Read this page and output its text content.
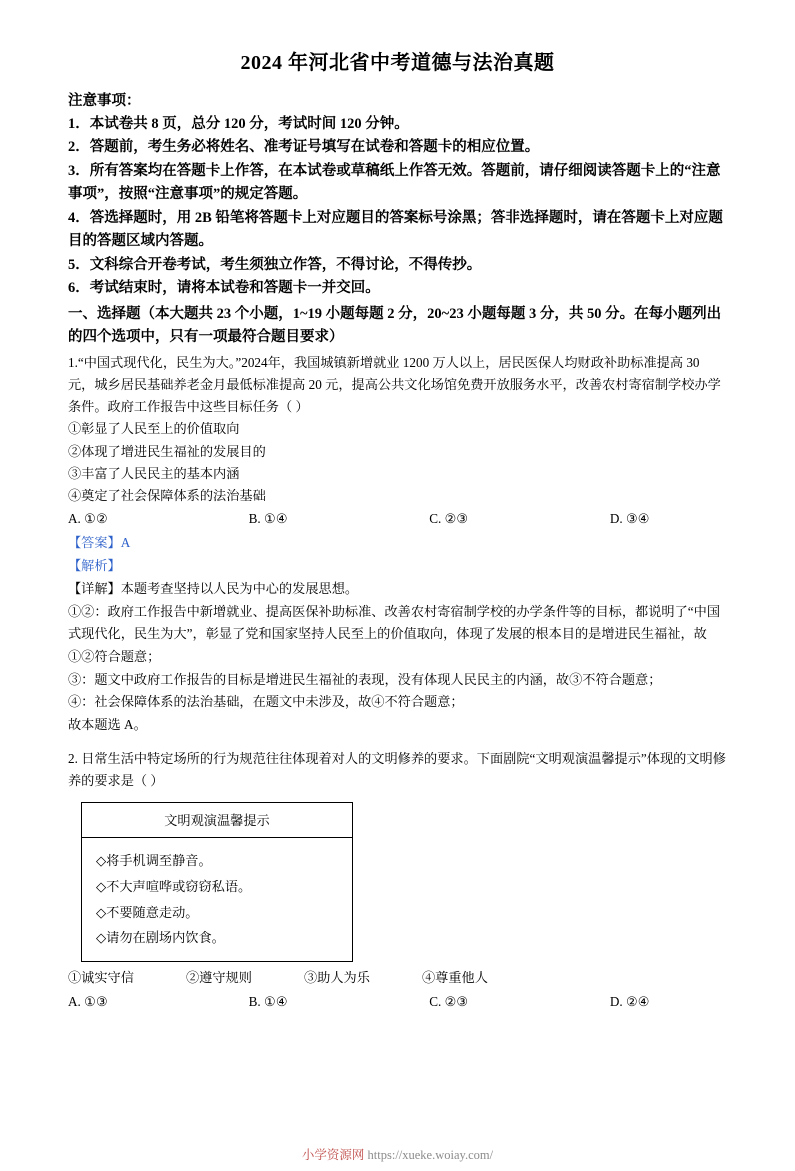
2024 年河北省中考道德与法治真题
注意事项：
1．本试卷共 8 页，总分 120 分，考试时间 120 分钟。
2．答题前，考生务必将姓名、准考证号填写在试卷和答题卡的相应位置。
3．所有答案均在答题卡上作答，在本试卷或草稿纸上作答无效。答题前，请仔细阅读答题卡上的“注意事项”，按照“注意事项”的规定答题。
4．答选择题时，用 2B 铅笔将答题卡上对应题目的答案标号涂黑；答非选择题时，请在答题卡上对应题目的答题区域内答题。
5．文科综合开卷考试，考生须独立作答，不得讨论，不得传抄。
6．考试结束时，请将本试卷和答题卡一并交回。
一、选择题（本大题共 23 个小题，1~19 小题每题 2 分，20~23 小题每题 3 分，共 50 分。在每小题列出的四个选项中，只有一项最符合题目要求）
1.“中国式现代化，民生为大。”2024年，我国城镇新增就业 1200 万人以上，居民医保人均财政补助标准提高 30 元，城乡居民基础养老金月最低标准提高 20 元，提高公共文化场馆免费开放服务水平，改善农村寄宿制学校办学条件。政府工作报告中这些目标任务（ ）
①彰显了人民至上的价值取向
②体现了增进民生福祉的发展目的
③丰富了人民民主的基本内涵
④奠定了社会保障体系的法治基础
A. ①②	B. ①④	C. ②③	D. ③④
【答案】A
【解析】
【详解】本题考查坚持以人民为中心的发展思想。
①②：政府工作报告中新增就业、提高医保补助标准、改善农村寄宿制学校的办学条件等的目标，都说明了“中国式现代化，民生为大”，彰显了党和国家坚持人民至上的价值取向，体现了发展的根本目的是增进民生福祉，故①②符合题意；
③：题文中政府工作报告的目标是增进民生福祉的表现，没有体现人民民主的内涵，故③不符合题意；
④：社会保障体系的法治基础，在题文中未涉及，故④不符合题意；
故本题选 A。
2. 日常生活中特定场所的行为规范往往体现着对人的文明修养的要求。下面剧院“文明观演温馨提示”体现的文明修养的要求是（ ）
文明观演温馨提示
◇将手机调至静音。
◇不大声喧哗或窃窃私语。
◇不要随意走动。
◇请勿在剧场内饮食。
①诚实守信	②遵守规则	③助人为乐	④尊重他人
A. ①③	B. ①④	C. ②③	D. ②④
小学资源网 https://xueke.woiay.com/
